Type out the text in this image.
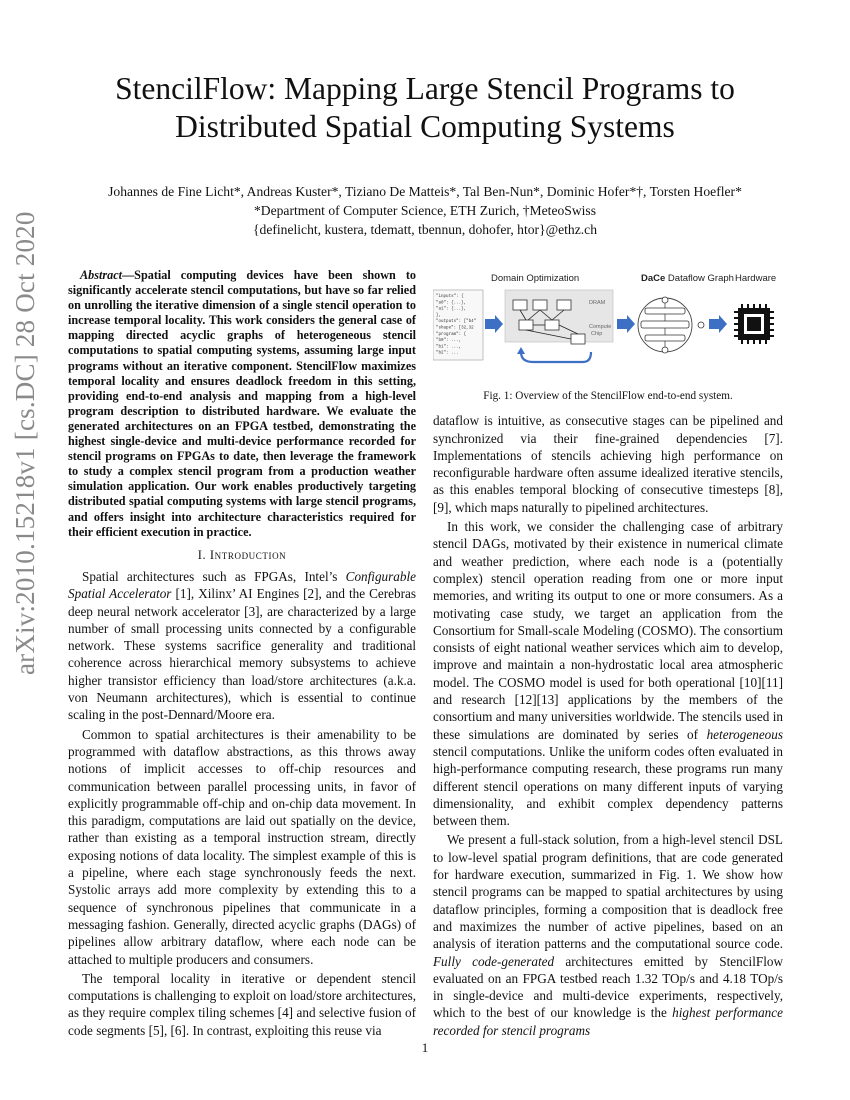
arXiv:2010.15218v1 [cs.DC] 28 Oct 2020
StencilFlow: Mapping Large Stencil Programs to Distributed Spatial Computing Systems
Johannes de Fine Licht*, Andreas Kuster*, Tiziano De Matteis*, Tal Ben-Nun*, Dominic Hofer*†, Torsten Hoefler*
*Department of Computer Science, ETH Zurich, †MeteoSwiss
{definelicht, kustera, tdematt, tbennun, dohofer, htor}@ethz.ch

Abstract—Spatial computing devices have been shown to significantly accelerate stencil computations, but have so far relied on unrolling the iterative dimension of a single stencil operation to increase temporal locality. This work considers the general case of mapping directed acyclic graphs of heterogeneous stencil computations to spatial computing systems, assuming large input programs without an iterative component. StencilFlow maximizes temporal locality and ensures deadlock freedom in this setting, providing end-to-end analysis and mapping from a high-level program description to distributed hardware. We evaluate the generated architectures on an FPGA testbed, demonstrating the highest single-device and multi-device performance recorded for stencil programs on FPGAs to date, then leverage the framework to study a complex stencil program from a production weather simulation application. Our work enables productively targeting distributed spatial computing systems with large stencil programs, and offers insight into architecture characteristics required for their efficient execution in practice.

I. Introduction

Spatial architectures such as FPGAs, Intel’s Configurable Spatial Accelerator [1], Xilinx’ AI Engines [2], and the Cerebras deep neural network accelerator [3], are characterized by a large number of small processing units connected by a configurable network. These systems sacrifice generality and traditional coherence across hierarchical memory subsystems to achieve higher transistor efficiency than load/store architectures (a.k.a. von Neumann architectures), which is essential to continue scaling in the post-Dennard/Moore era.

Common to spatial architectures is their amenability to be programmed with dataflow abstractions, as this throws away notions of implicit accesses to off-chip resources and communication between parallel processing units, in favor of explicitly programmable off-chip and on-chip data movement. In this paradigm, computations are laid out spatially on the device, rather than existing as a temporal instruction stream, directly exposing notions of data locality. The simplest example of this is a pipeline, where each stage synchronously feeds the next. Systolic arrays add more complexity by extending this to a sequence of synchronous pipelines that communicate in a messaging fashion. Generally, directed acyclic graphs (DAGs) of pipelines allow arbitrary dataflow, where each node can be attached to multiple producers and consumers.

The temporal locality in iterative or dependent stencil computations is challenging to exploit on load/store architectures, as they require complex tiling schemes [4] and selective fusion of code segments [5], [6]. In contrast, exploiting this reuse via

"inputs": {
"a0": {...},
"a1": {...},
},
"outputs": ["b4"
"shape": [32,32
"program": {
"b0": ...,
"b1": ...,
"b2": ...
Domain Optimization
DRAM
Compute
Chip
DaCe Dataflow Graph Hardware
Fig. 1: Overview of the StencilFlow end-to-end system.

dataflow is intuitive, as consecutive stages can be pipelined and synchronized via their fine-grained dependencies [7]. Implementations of stencils achieving high performance on reconfigurable hardware often assume idealized iterative stencils, as this enables temporal blocking of consecutive timesteps [8], [9], which maps naturally to pipelined architectures.

In this work, we consider the challenging case of arbitrary stencil DAGs, motivated by their existence in numerical climate and weather prediction, where each node is a (potentially complex) stencil operation reading from one or more input memories, and writing its output to one or more consumers. As a motivating case study, we target an application from the Consortium for Small-scale Modeling (COSMO). The consortium consists of eight national weather services which aim to develop, improve and maintain a non-hydrostatic local area atmospheric model. The COSMO model is used for both operational [10][11] and research [12][13] applications by the members of the consortium and many universities worldwide. The stencils used in these simulations are dominated by series of heterogeneous stencil computations. Unlike the uniform codes often evaluated in high-performance computing research, these programs run many different stencil operations on many different inputs of varying dimensionality, and exhibit complex dependency patterns between them.

We present a full-stack solution, from a high-level stencil DSL to low-level spatial program definitions, that are code generated for hardware execution, summarized in Fig. 1. We show how stencil programs can be mapped to spatial architectures by using dataflow principles, forming a composition that is deadlock free and maximizes the number of active pipelines, based on an analysis of iteration patterns and the computational source code. Fully code-generated architectures emitted by StencilFlow evaluated on an FPGA testbed reach 1.32 TOp/s and 4.18 TOp/s in single-device and multi-device experiments, respectively, which to the best of our knowledge is the highest performance recorded for stencil programs

1
